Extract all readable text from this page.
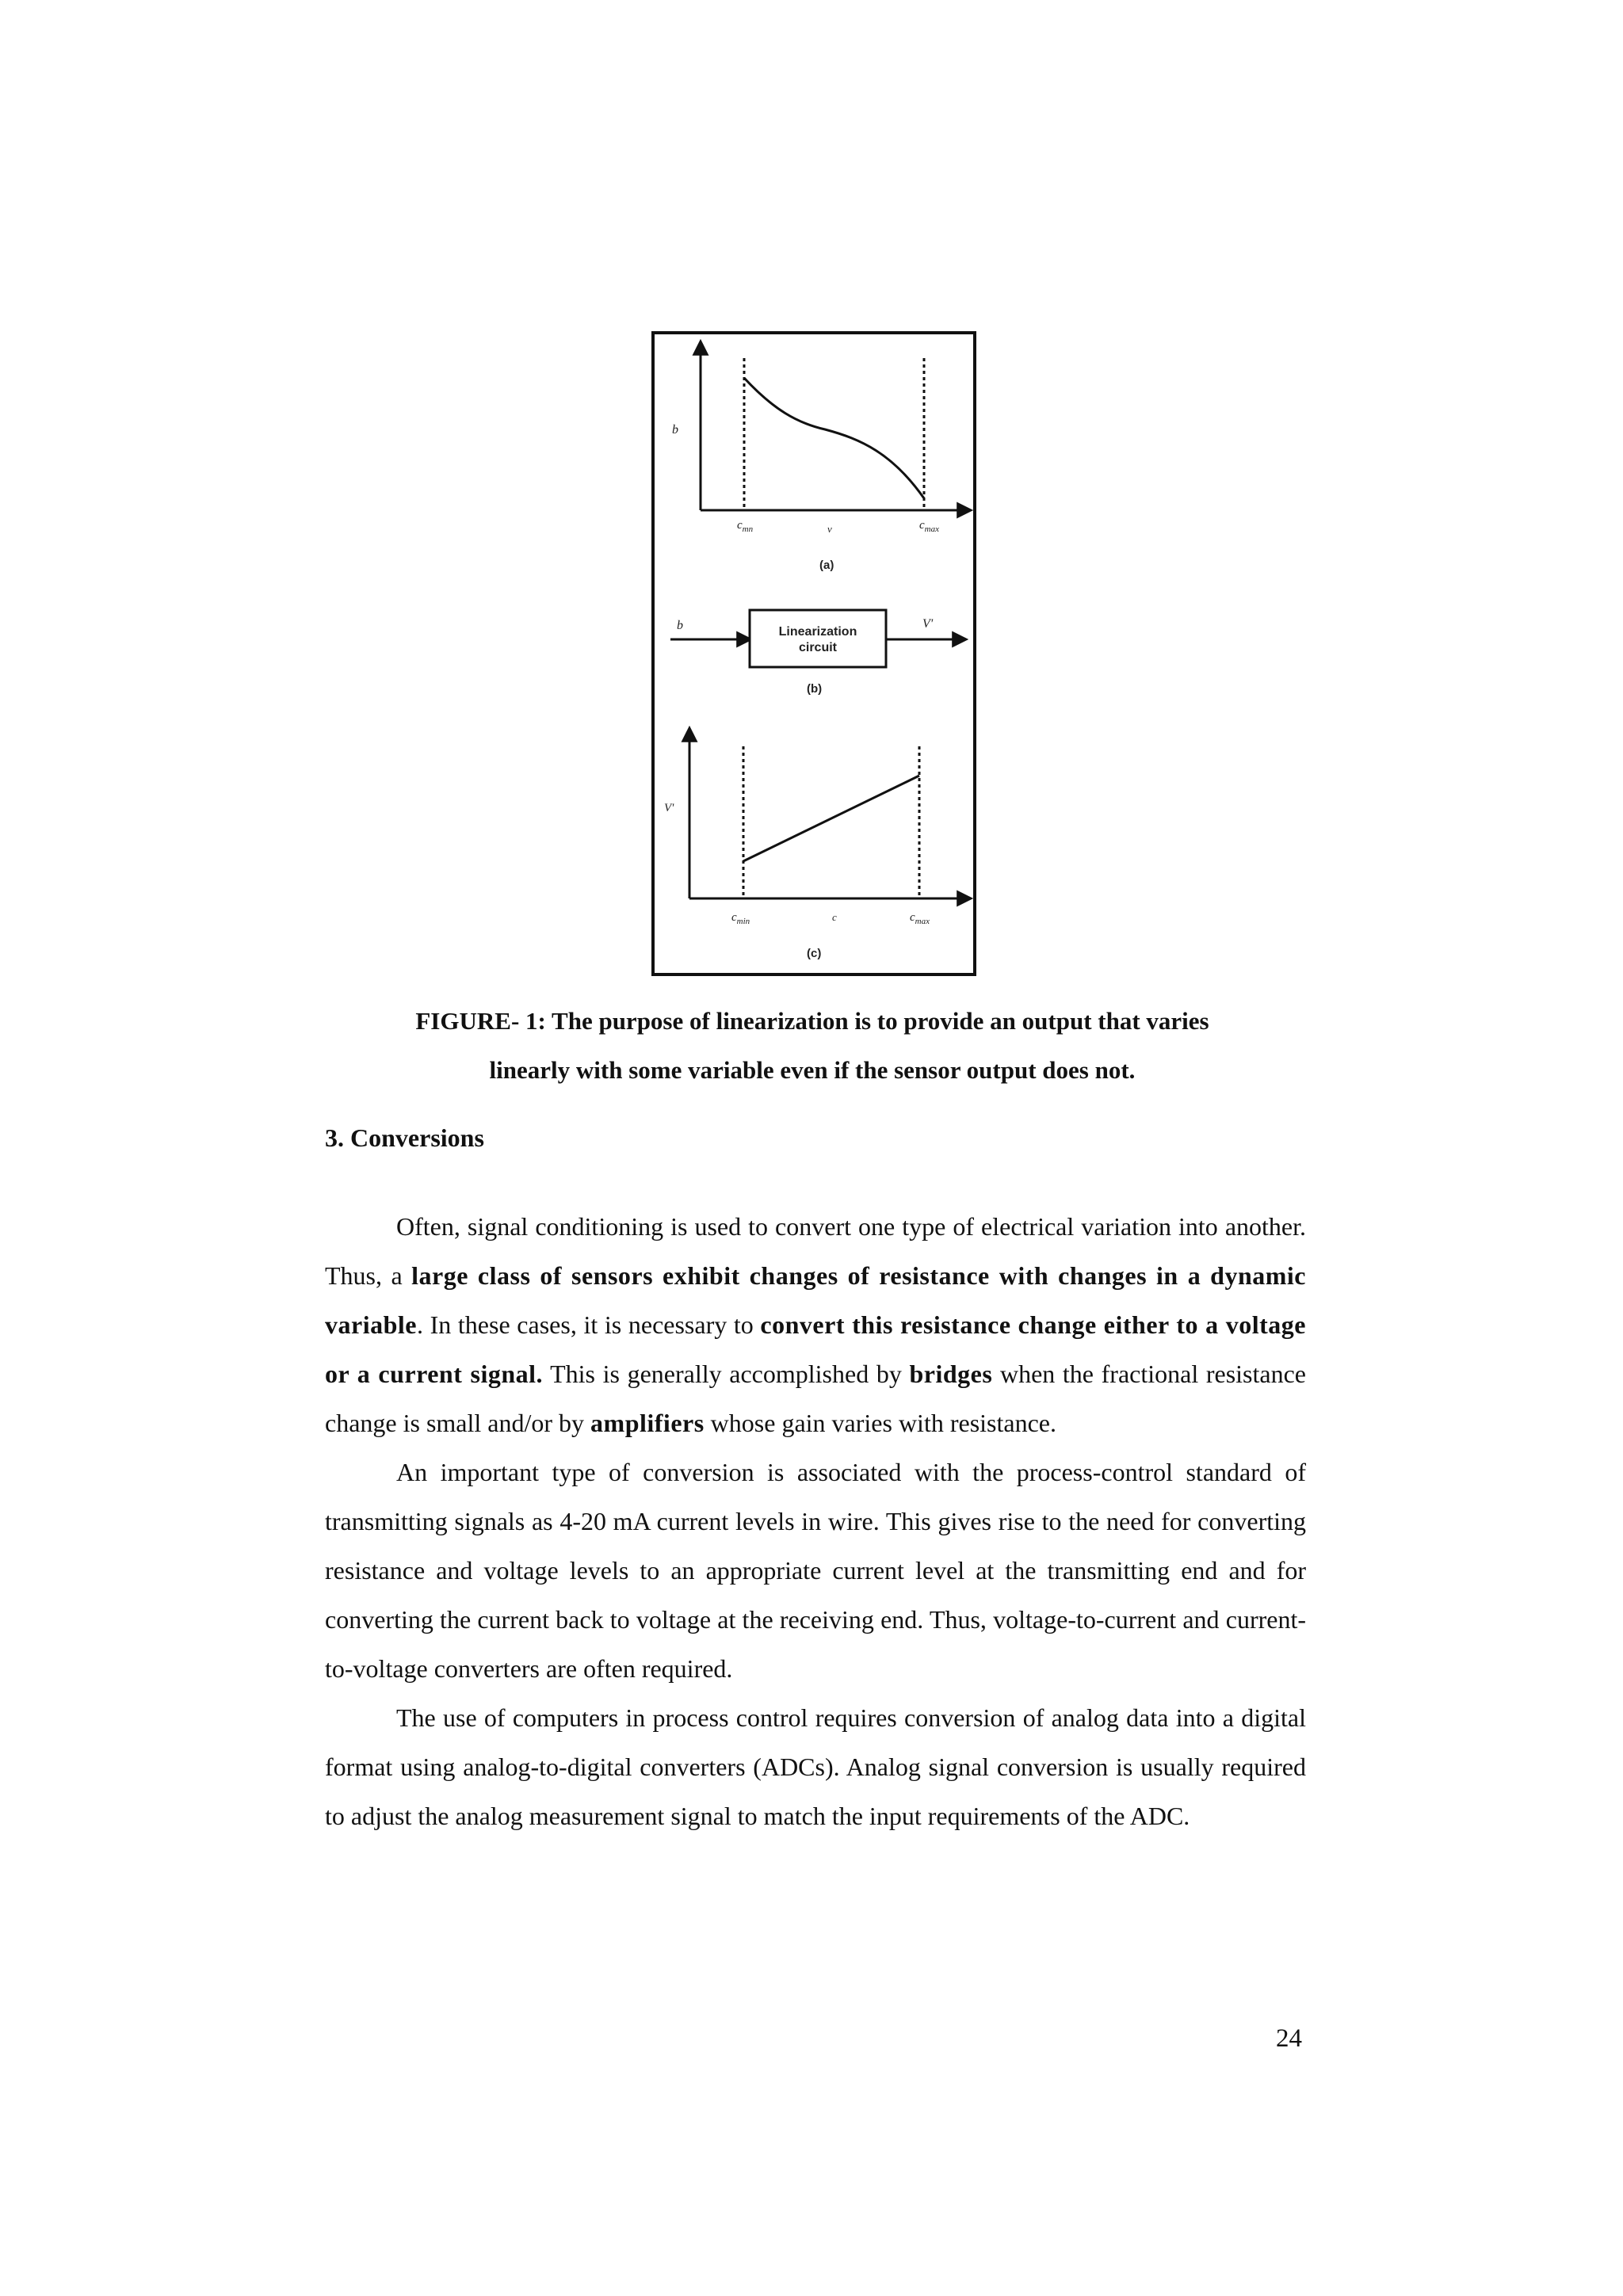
b
$c_{mn}$	v	$c_{max}$
(a)
b	Linearization
circuit
V'
(b)
V'
$c_{min}$	c	$c_{max}$
(c)
FIGURE- 1: The purpose of linearization is to provide an output that varies
linearly with some variable even if the sensor output does not.
3. Conversions

Often, signal conditioning is used to convert one type of electrical variation into another. Thus, a large class of sensors exhibit changes of resistance with changes in a dynamic variable. In these cases, it is necessary to convert this resistance change either to a voltage or a current signal. This is generally accomplished by bridges when the fractional resistance change is small and/or by amplifiers whose gain varies with resistance.

An important type of conversion is associated with the process-control standard of transmitting signals as 4-20 mA current levels in wire. This gives rise to the need for converting resistance and voltage levels to an appropriate current level at the transmitting end and for converting the current back to voltage at the receiving end. Thus, voltage-to-current and current-to-voltage converters are often required.

The use of computers in process control requires conversion of analog data into a digital format using analog-to-digital converters (ADCs). Analog signal conversion is usually required to adjust the analog measurement signal to match the input requirements of the ADC.

24
